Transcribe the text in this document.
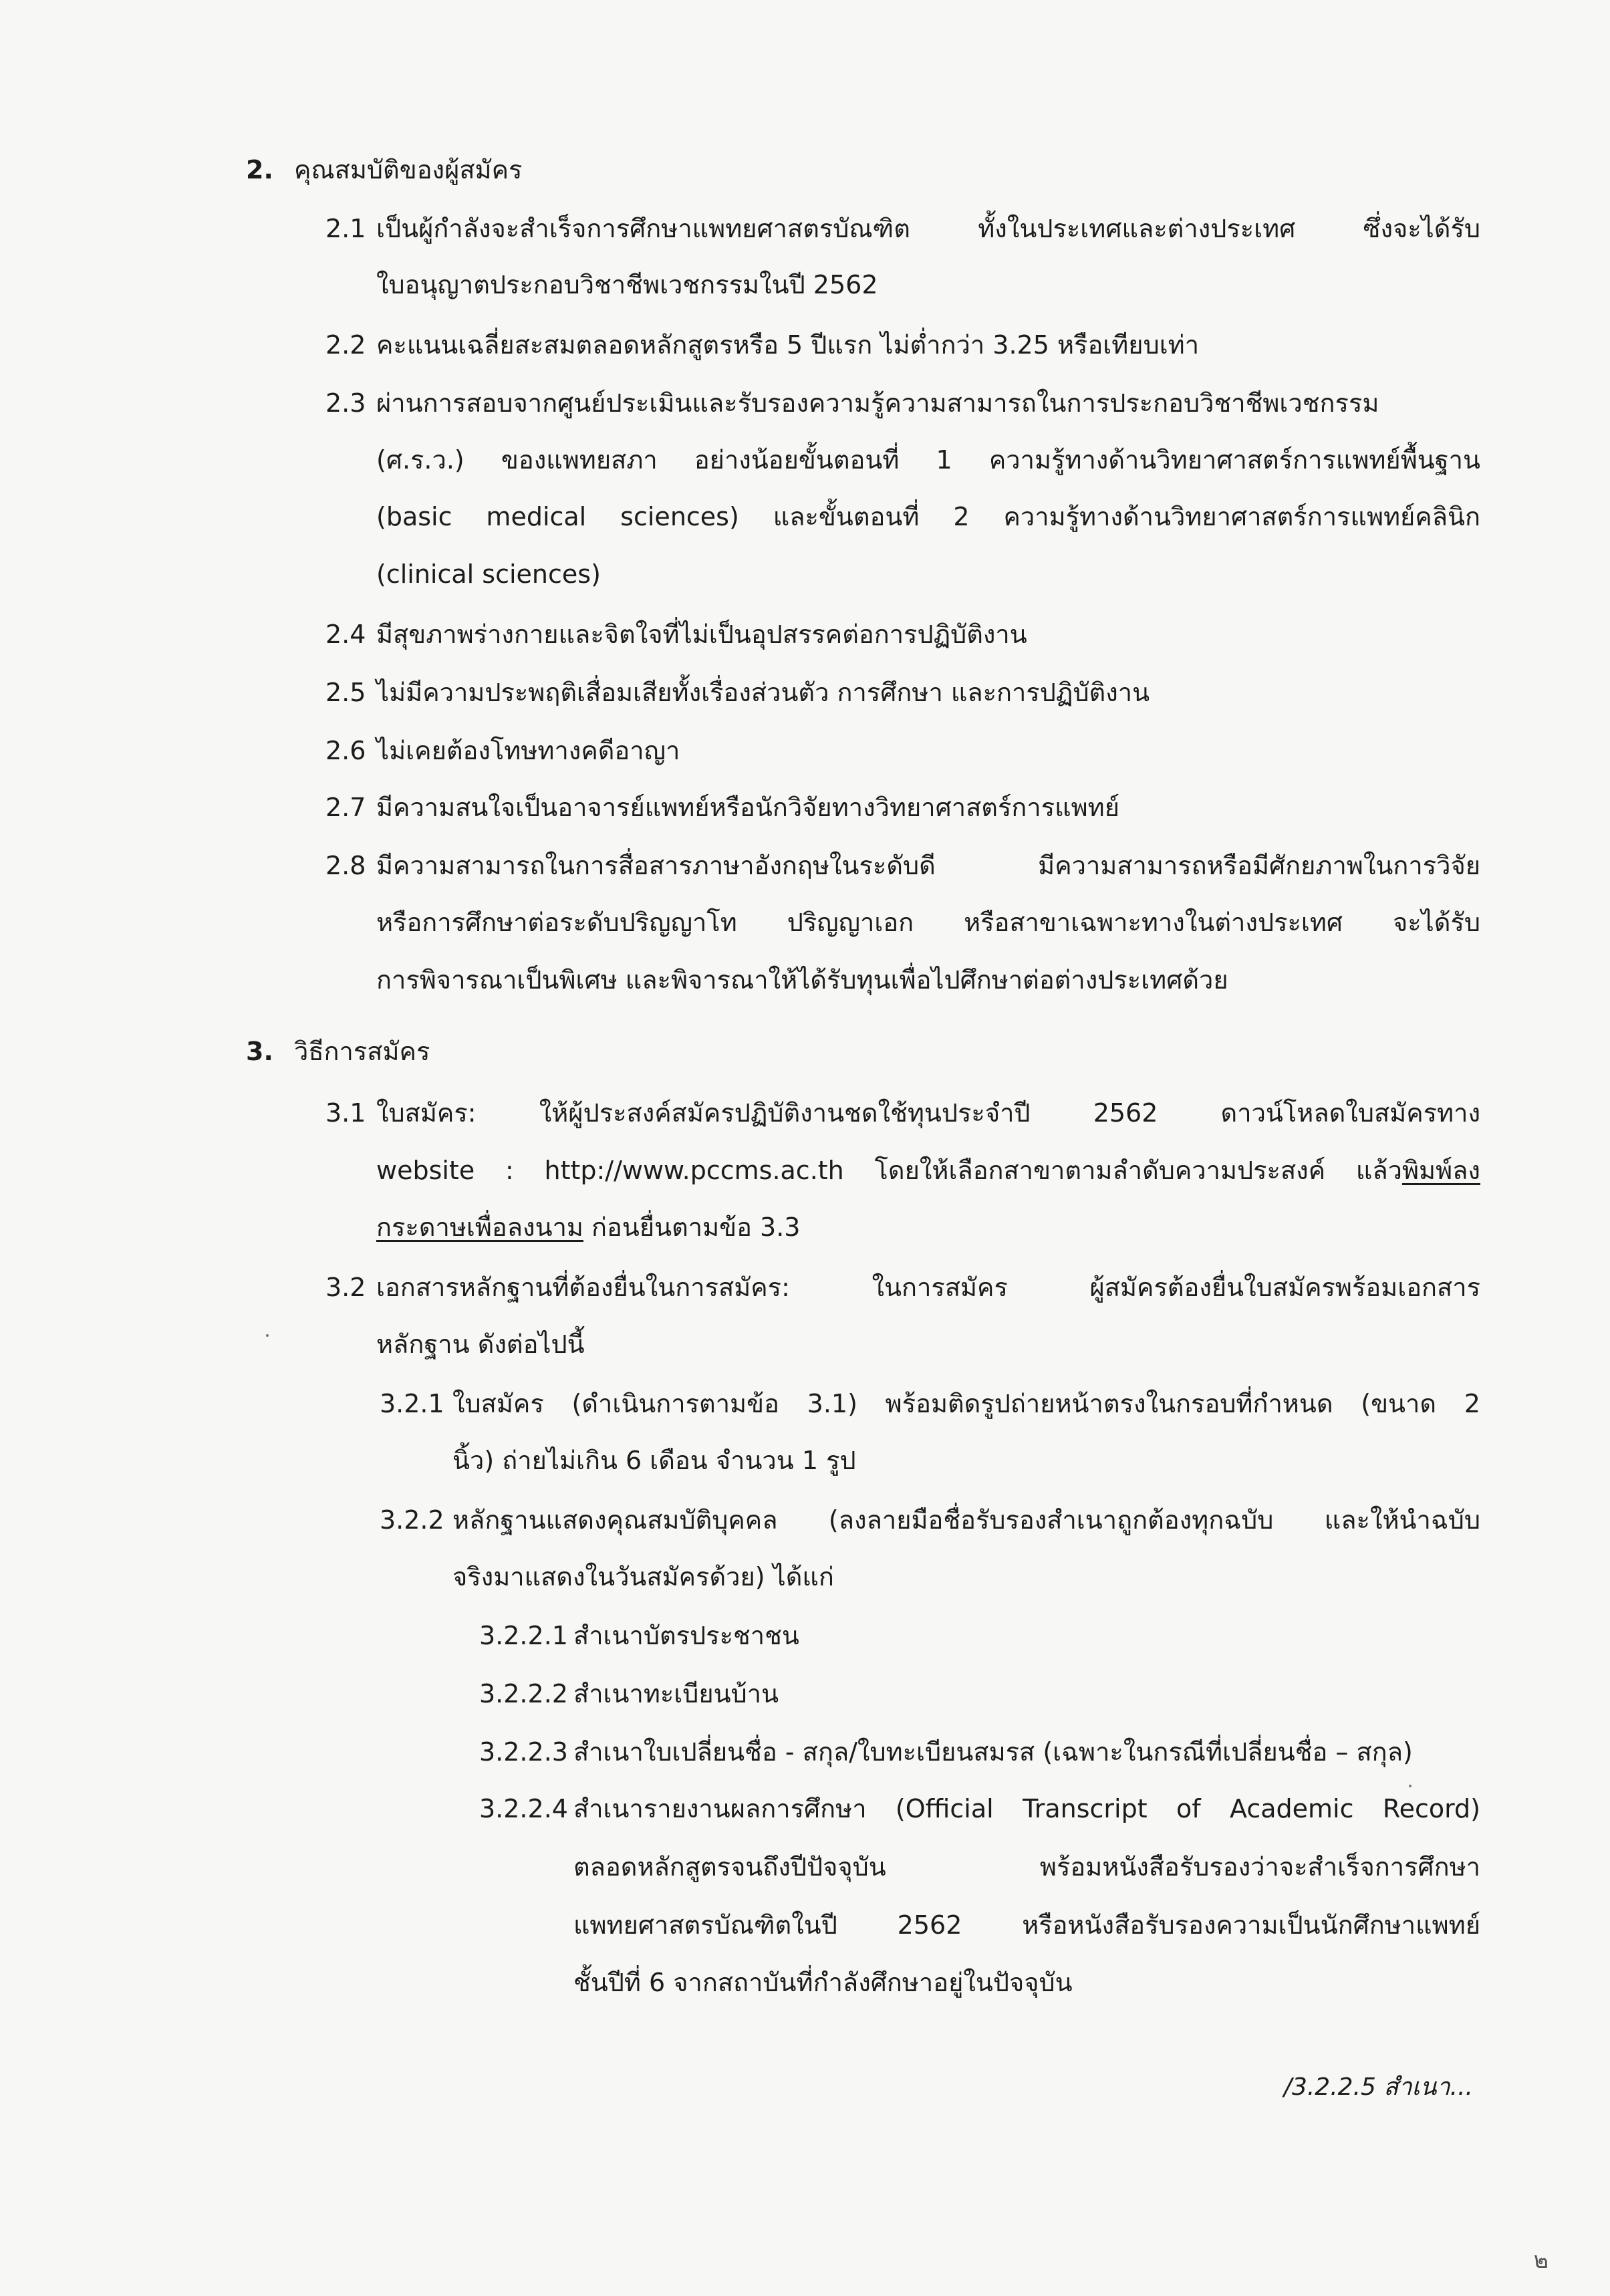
2. คุณสมบัติของผู้สมัคร
2.1 เป็นผู้กำลังจะสำเร็จการศึกษาแพทยศาสตรบัณฑิต ทั้งในประเทศและต่างประเทศ ซึ่งจะได้รับ
ใบอนุญาตประกอบวิชาชีพเวชกรรมในปี 2562
2.2 คะแนนเฉลี่ยสะสมตลอดหลักสูตรหรือ 5 ปีแรก ไม่ต่ำกว่า 3.25 หรือเทียบเท่า
2.3 ผ่านการสอบจากศูนย์ประเมินและรับรองความรู้ความสามารถในการประกอบวิชาชีพเวชกรรม
(ศ.ร.ว.) ของแพทยสภา อย่างน้อยขั้นตอนที่ 1 ความรู้ทางด้านวิทยาศาสตร์การแพทย์พื้นฐาน
(basic medical sciences) และขั้นตอนที่ 2 ความรู้ทางด้านวิทยาศาสตร์การแพทย์คลินิก
(clinical sciences)
2.4 มีสุขภาพร่างกายและจิตใจที่ไม่เป็นอุปสรรคต่อการปฏิบัติงาน
2.5 ไม่มีความประพฤติเสื่อมเสียทั้งเรื่องส่วนตัว การศึกษา และการปฏิบัติงาน
2.6 ไม่เคยต้องโทษทางคดีอาญา
2.7 มีความสนใจเป็นอาจารย์แพทย์หรือนักวิจัยทางวิทยาศาสตร์การแพทย์
2.8 มีความสามารถในการสื่อสารภาษาอังกฤษในระดับดี มีความสามารถหรือมีศักยภาพในการวิจัย
หรือการศึกษาต่อระดับปริญญาโท ปริญญาเอก หรือสาขาเฉพาะทางในต่างประเทศ จะได้รับ
การพิจารณาเป็นพิเศษ และพิจารณาให้ได้รับทุนเพื่อไปศึกษาต่อต่างประเทศด้วย
3. วิธีการสมัคร
3.1 ใบสมัคร: ให้ผู้ประสงค์สมัครปฏิบัติงานชดใช้ทุนประจำปี 2562 ดาวน์โหลดใบสมัครทาง
website : http://www.pccms.ac.th โดยให้เลือกสาขาตามลำดับความประสงค์ แล้วพิมพ์ลง
กระดาษเพื่อลงนาม ก่อนยื่นตามข้อ 3.3
3.2 เอกสารหลักฐานที่ต้องยื่นในการสมัคร: ในการสมัคร ผู้สมัครต้องยื่นใบสมัครพร้อมเอกสาร
หลักฐาน ดังต่อไปนี้
3.2.1 ใบสมัคร (ดำเนินการตามข้อ 3.1) พร้อมติดรูปถ่ายหน้าตรงในกรอบที่กำหนด (ขนาด 2
นิ้ว) ถ่ายไม่เกิน 6 เดือน จำนวน 1 รูป
3.2.2 หลักฐานแสดงคุณสมบัติบุคคล (ลงลายมือชื่อรับรองสำเนาถูกต้องทุกฉบับ และให้นำฉบับ
จริงมาแสดงในวันสมัครด้วย) ได้แก่
3.2.2.1 สำเนาบัตรประชาชน
3.2.2.2 สำเนาทะเบียนบ้าน
3.2.2.3 สำเนาใบเปลี่ยนชื่อ - สกุล/ใบทะเบียนสมรส (เฉพาะในกรณีที่เปลี่ยนชื่อ – สกุล)
3.2.2.4 สำเนารายงานผลการศึกษา (Official Transcript of Academic Record)
ตลอดหลักสูตรจนถึงปีปัจจุบัน พร้อมหนังสือรับรองว่าจะสำเร็จการศึกษา
แพทยศาสตรบัณฑิตในปี 2562 หรือหนังสือรับรองความเป็นนักศึกษาแพทย์
ชั้นปีที่ 6 จากสถาบันที่กำลังศึกษาอยู่ในปัจจุบัน
/3.2.2.5 สำเนา...
๒
